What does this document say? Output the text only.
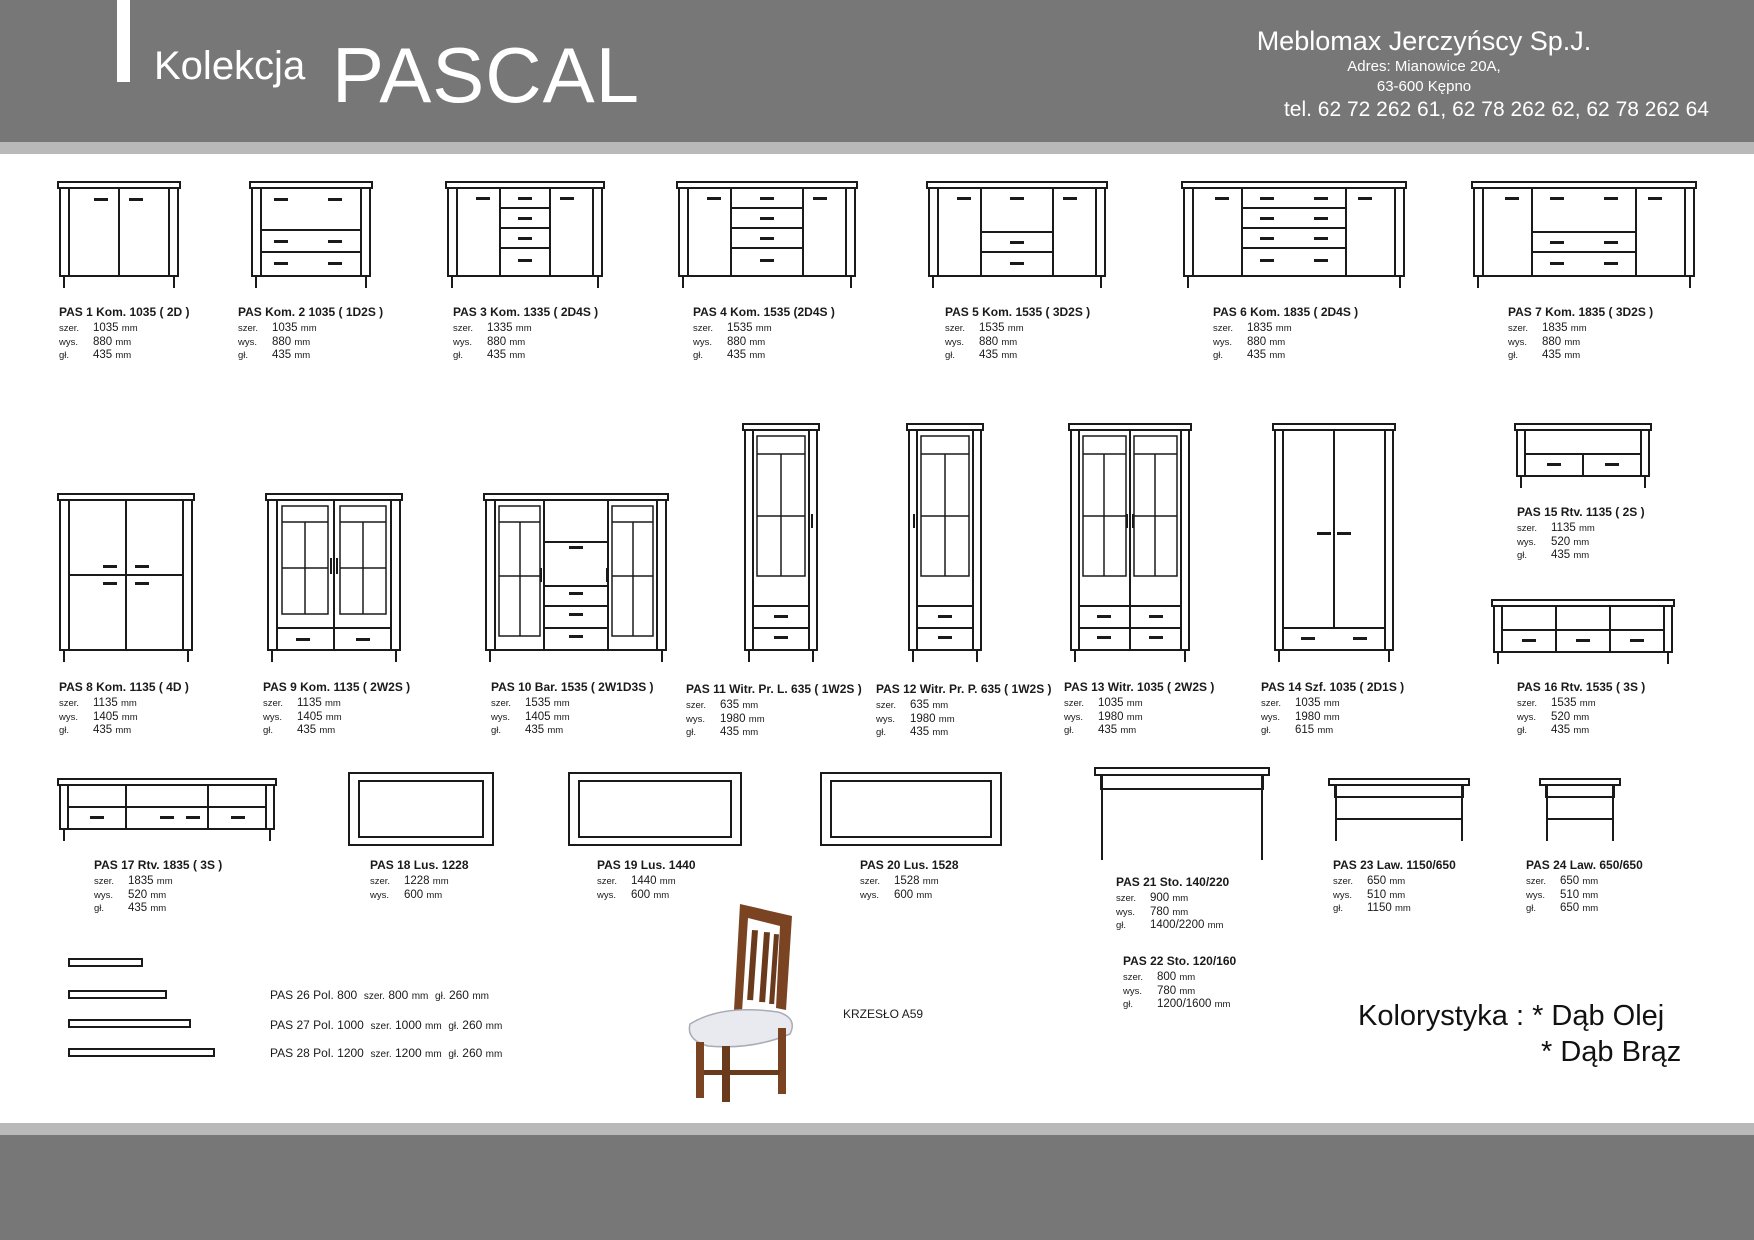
Kolekcja PASCAL	Meblomax Jerczyńscy Sp.J.
Adres: Mianowice 20A,
63-600 Kępno
tel. 62 72 262 61, 62 78 262 62, 62 78 262 64
PAS 1 Kom. 1035 ( 2D )
szer. 1035 mm
wys. 880 mm
gł. 435 mm
PAS Kom. 2 1035 ( 1D2S )
szer. 1035 mm
wys. 880 mm
gł. 435 mm
PAS 3 Kom. 1335 ( 2D4S )
szer. 1335 mm
wys. 880 mm
gł. 435 mm
PAS 4 Kom. 1535 (2D4S )
szer. 1535 mm
wys. 880 mm
gł. 435 mm
PAS 5 Kom. 1535 ( 3D2S )
szer. 1535 mm
wys. 880 mm
gł. 435 mm
PAS 6 Kom. 1835 ( 2D4S )
szer. 1835 mm
wys. 880 mm
gł. 435 mm
PAS 7 Kom. 1835 ( 3D2S )
szer. 1835 mm
wys. 880 mm
gł. 435 mm
PAS 8 Kom. 1135 ( 4D )
szer. 1135 mm
wys. 1405 mm
gł. 435 mm
PAS 9 Kom. 1135 ( 2W2S )
szer. 1135 mm
wys. 1405 mm
gł. 435 mm
PAS 10 Bar. 1535 ( 2W1D3S )
szer. 1535 mm
wys. 1405 mm
gł. 435 mm
PAS 11 Witr. Pr. L. 635 ( 1W2S )
szer. 635 mm
wys. 1980 mm
gł. 435 mm
PAS 12 Witr. Pr. P. 635 ( 1W2S )
szer. 635 mm
wys. 1980 mm
gł. 435 mm
PAS 13 Witr. 1035 ( 2W2S )
szer. 1035 mm
wys. 1980 mm
gł. 435 mm
PAS 14 Szf. 1035 ( 2D1S )
szer. 1035 mm
wys. 1980 mm
gł. 615 mm
PAS 15 Rtv. 1135 ( 2S )
szer. 1135 mm
wys. 520 mm
gł. 435 mm
PAS 16 Rtv. 1535 ( 3S )
szer. 1535 mm
wys. 520 mm
gł. 435 mm
PAS 17 Rtv. 1835 ( 3S )
szer. 1835 mm
wys. 520 mm
gł. 435 mm
PAS 18 Lus. 1228
szer. 1228 mm
wys. 600 mm
PAS 19 Lus. 1440
szer. 1440 mm
wys. 600 mm
PAS 20 Lus. 1528
szer. 1528 mm
wys. 600 mm
PAS 21 Sto. 140/220
szer. 900 mm
wys. 780 mm
gł. 1400/2200 mm
PAS 22 Sto. 120/160
szer. 800 mm
wys. 780 mm
gł. 1200/1600 mm
PAS 23 Law. 1150/650
szer. 650 mm
wys. 510 mm
gł. 1150 mm
PAS 24 Law. 650/650
szer. 650 mm
wys. 510 mm
gł. 650 mm
PAS 26 Pol. 800 szer. 800 mm gł. 260 mm
PAS 27 Pol. 1000 szer. 1000 mm gł. 260 mm
PAS 28 Pol. 1200 szer. 1200 mm gł. 260 mm
KRZESŁO A59	Kolorystyka : * Dąb Olej
* Dąb Brąz
